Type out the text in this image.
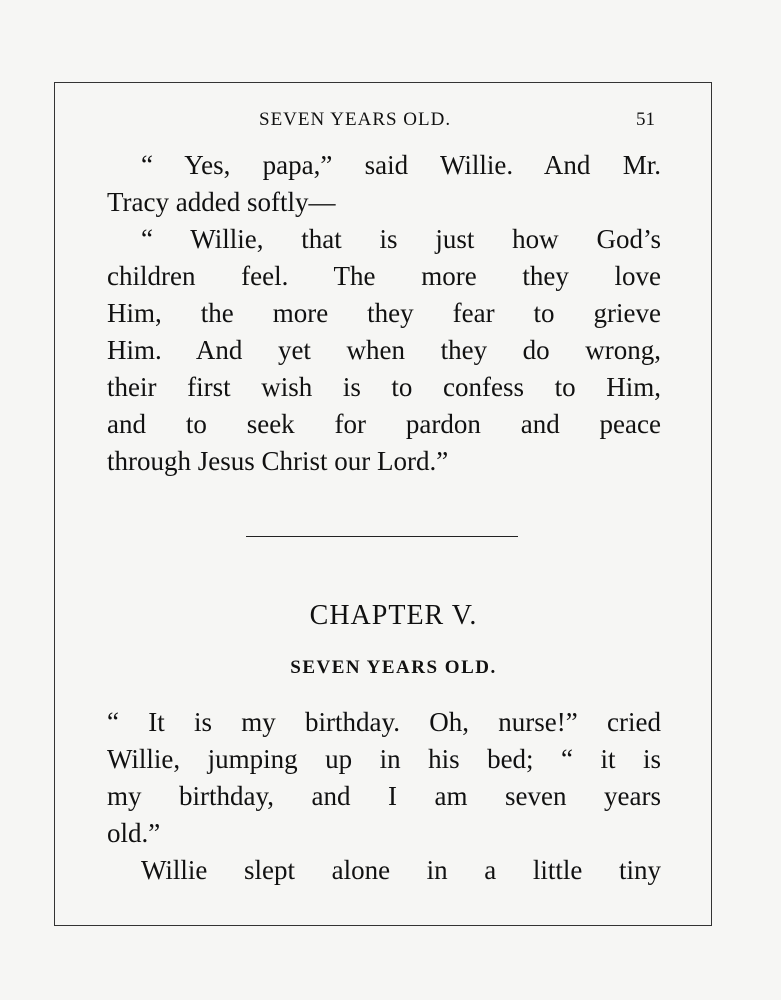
SEVEN YEARS OLD.	51
“ Yes, papa,” said Willie. And Mr.
Tracy added softly—
“ Willie, that is just how God’s
children feel. The more they love
Him, the more they fear to grieve
Him. And yet when they do wrong,
their first wish is to confess to Him,
and to seek for pardon and peace
through Jesus Christ our Lord.”
CHAPTER V.
SEVEN YEARS OLD.
“ It is my birthday. Oh, nurse!” cried
Willie, jumping up in his bed; “ it is
my birthday, and I am seven years
old.”
Willie slept alone in a little tiny
